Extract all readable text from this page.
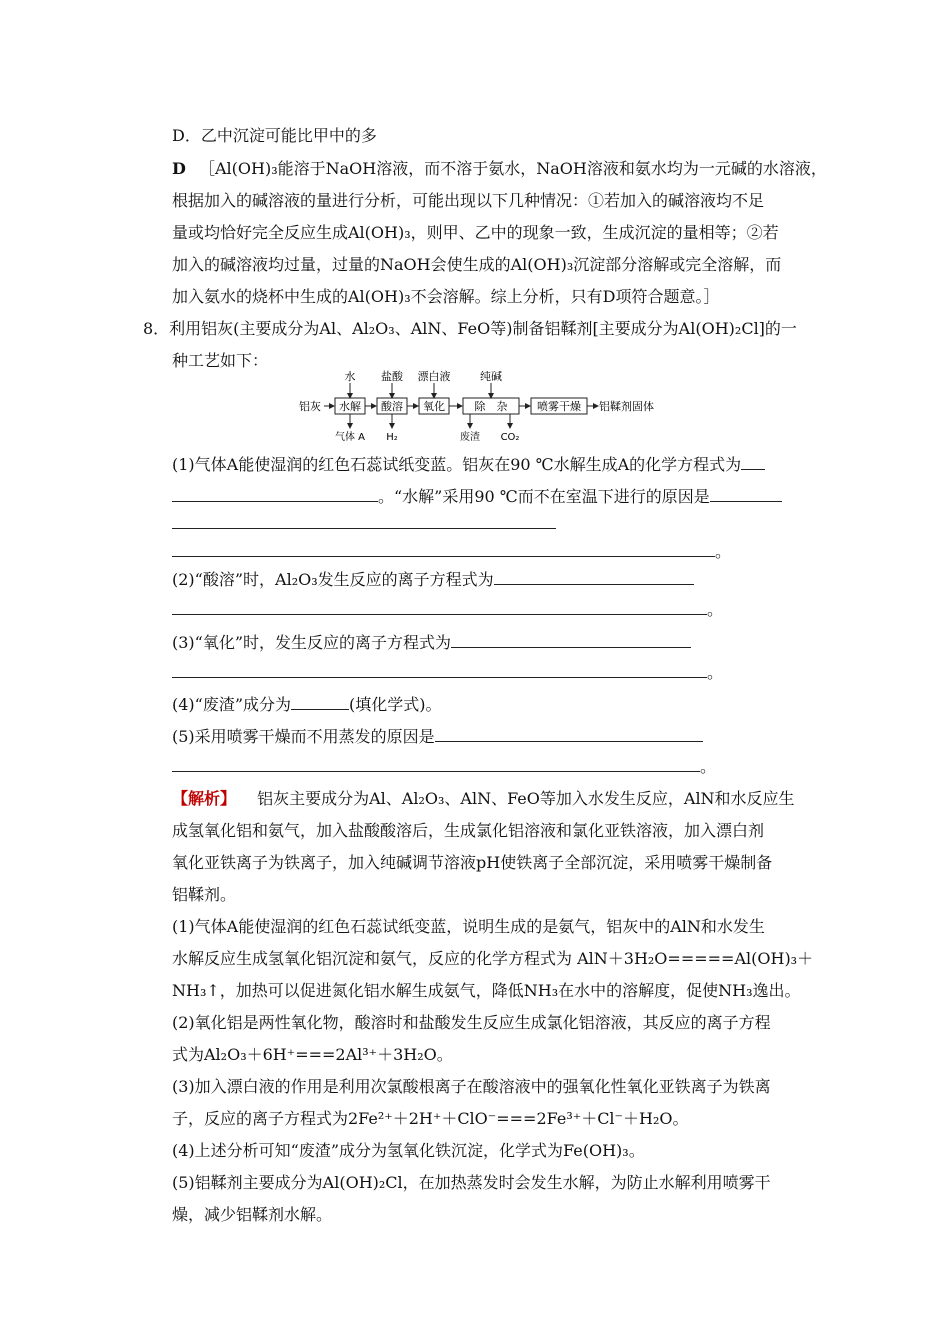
D．乙中沉淀可能比甲中的多
D ［Al(OH)₃能溶于NaOH溶液，而不溶于氨水，NaOH溶液和氨水均为一元碱的水溶液，
根据加入的碱溶液的量进行分析，可能出现以下几种情况：①若加入的碱溶液均不足
量或均恰好完全反应生成Al(OH)₃，则甲、乙中的现象一致，生成沉淀的量相等；②若
加入的碱溶液均过量，过量的NaOH会使生成的Al(OH)₃沉淀部分溶解或完全溶解，而
加入氨水的烧杯中生成的Al(OH)₃不会溶解。综上分析，只有D项符合题意。］
8．利用铝灰(主要成分为Al、Al₂O₃、AlN、FeO等)制备铝鞣剂[主要成分为Al(OH)₂Cl]的一
种工艺如下：
水 盐酸 漂白液	纯碱
铝灰 水解 酸溶 氧化	除　杂	喷雾干燥 铝鞣剂固体
气体 A H₂	废渣 CO₂
(1)气体A能使湿润的红色石蕊试纸变蓝。铝灰在90 ℃水解生成A的化学方程式为
。“水解”采用90 ℃而不在室温下进行的原因是
。
(2)“酸溶”时，Al₂O₃发生反应的离子方程式为
。
(3)“氧化”时，发生反应的离子方程式为
。
(4)“废渣”成分为	(填化学式)。
(5)采用喷雾干燥而不用蒸发的原因是
。
【解析】 铝灰主要成分为Al、Al₂O₃、AlN、FeO等加入水发生反应，AlN和水反应生
成氢氧化铝和氨气，加入盐酸酸溶后，生成氯化铝溶液和氯化亚铁溶液，加入漂白剂
氧化亚铁离子为铁离子，加入纯碱调节溶液pH使铁离子全部沉淀，采用喷雾干燥制备
铝鞣剂。
(1)气体A能使湿润的红色石蕊试纸变蓝，说明生成的是氨气，铝灰中的AlN和水发生
水解反应生成氢氧化铝沉淀和氨气，反应的化学方程式为 AlN＋3H₂O=====Al(OH)₃＋
NH₃↑，加热可以促进氮化铝水解生成氨气，降低NH₃在水中的溶解度，促使NH₃逸出。
(2)氧化铝是两性氧化物，酸溶时和盐酸发生反应生成氯化铝溶液，其反应的离子方程
式为Al₂O₃＋6H⁺===2Al³⁺＋3H₂O。
(3)加入漂白液的作用是利用次氯酸根离子在酸溶液中的强氧化性氧化亚铁离子为铁离
子，反应的离子方程式为2Fe²⁺＋2H⁺＋ClO⁻===2Fe³⁺＋Cl⁻＋H₂O。
(4)上述分析可知“废渣”成分为氢氧化铁沉淀，化学式为Fe(OH)₃。
(5)铝鞣剂主要成分为Al(OH)₂Cl，在加热蒸发时会发生水解，为防止水解利用喷雾干
燥，减少铝鞣剂水解。
